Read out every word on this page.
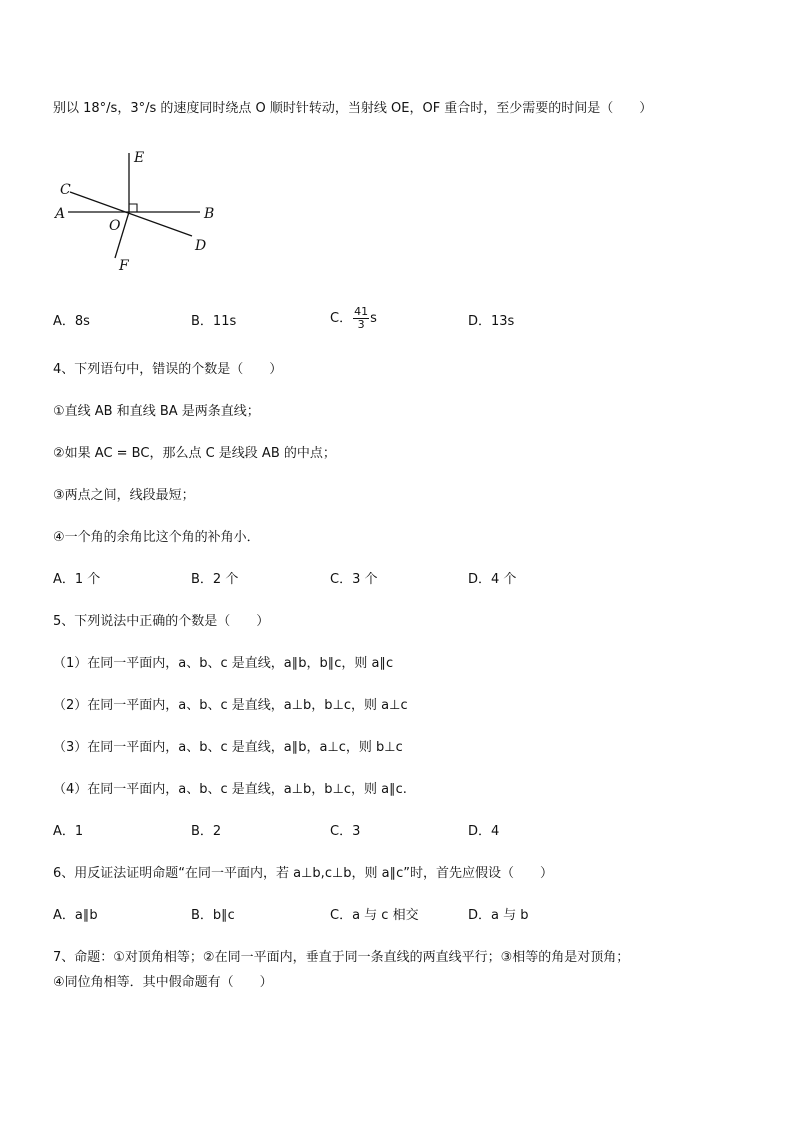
别以 18°/s，3°/s 的速度同时绕点 O 顺时针转动，当射线 OE，OF 重合时，至少需要的时间是（　　）
E
C
A
O
B
D
F
A．8s	B．11s	C． $\frac{41}{3}$ s	D．13s
4、下列语句中，错误的个数是（　　）
①直线 AB 和直线 BA 是两条直线；
②如果 AC = BC，那么点 C 是线段 AB 的中点；
③两点之间，线段最短；
④一个角的余角比这个角的补角小．
A．1 个	B．2 个	C．3 个	D．4 个
5、下列说法中正确的个数是（　　）
（1）在同一平面内，a、b、c 是直线，a∥b，b∥c，则 a∥c
（2）在同一平面内，a、b、c 是直线，a⊥b，b⊥c，则 a⊥c
（3）在同一平面内，a、b、c 是直线，a∥b，a⊥c，则 b⊥c
（4）在同一平面内，a、b、c 是直线，a⊥b，b⊥c，则 a∥c.
A．1	B．2	C．3	D．4
6、用反证法证明命题“在同一平面内，若 a⊥b,c⊥b，则 a∥c”时，首先应假设（　　）
A．a∥b	B．b∥c	C．a 与 c 相交	D．a 与 b
7、命题：①对顶角相等；②在同一平面内，垂直于同一条直线的两直线平行；③相等的角是对顶角；
④同位角相等．其中假命题有（　　）
